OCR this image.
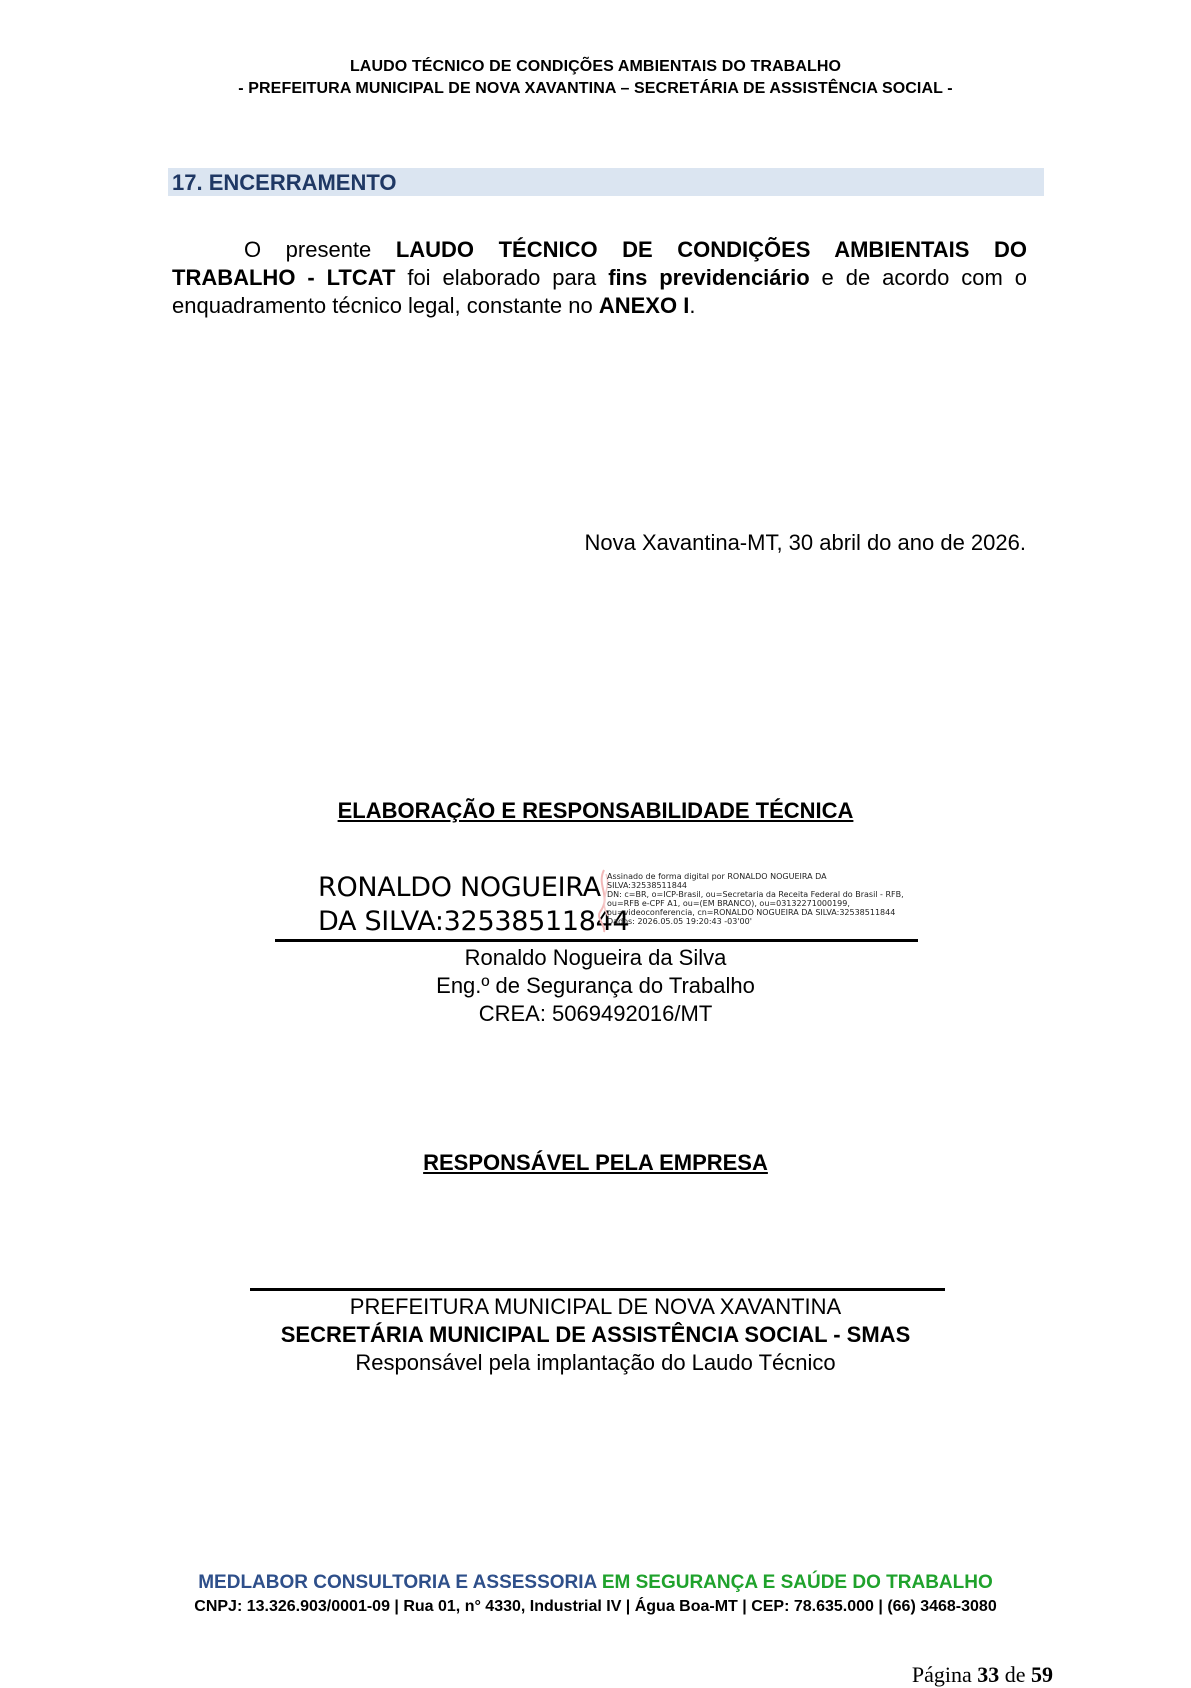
LAUDO TÉCNICO DE CONDIÇÕES AMBIENTAIS DO TRABALHO
- PREFEITURA MUNICIPAL DE NOVA XAVANTINA – SECRETÁRIA DE ASSISTÊNCIA SOCIAL -
17. ENCERRAMENTO
O presente LAUDO TÉCNICO DE CONDIÇÕES AMBIENTAIS DO TRABALHO - LTCAT foi elaborado para fins previdenciário e de acordo com o enquadramento técnico legal, constante no ANEXO I.
Nova Xavantina-MT, 30 abril do ano de 2026.
ELABORAÇÃO E RESPONSABILIDADE TÉCNICA
RONALDO NOGUEIRA
DA SILVA:32538511844
Assinado de forma digital por RONALDO NOGUEIRA DA
SILVA:32538511844
DN: c=BR, o=ICP-Brasil, ou=Secretaria da Receita Federal do Brasil - RFB,
ou=RFB e-CPF A1, ou=(EM BRANCO), ou=03132271000199,
ou=videoconferencia, cn=RONALDO NOGUEIRA DA SILVA:32538511844
Dados: 2026.05.05 19:20:43 -03'00'
Ronaldo Nogueira da Silva
Eng.º de Segurança do Trabalho
CREA: 5069492016/MT
RESPONSÁVEL PELA EMPRESA
PREFEITURA MUNICIPAL DE NOVA XAVANTINA
SECRETÁRIA MUNICIPAL DE ASSISTÊNCIA SOCIAL - SMAS
Responsável pela implantação do Laudo Técnico
MEDLABOR CONSULTORIA E ASSESSORIA EM SEGURANÇA E SAÚDE DO TRABALHO
CNPJ: 13.326.903/0001-09 | Rua 01, n° 4330, Industrial IV | Água Boa-MT | CEP: 78.635.000 | (66) 3468-3080
Página 33 de 59
